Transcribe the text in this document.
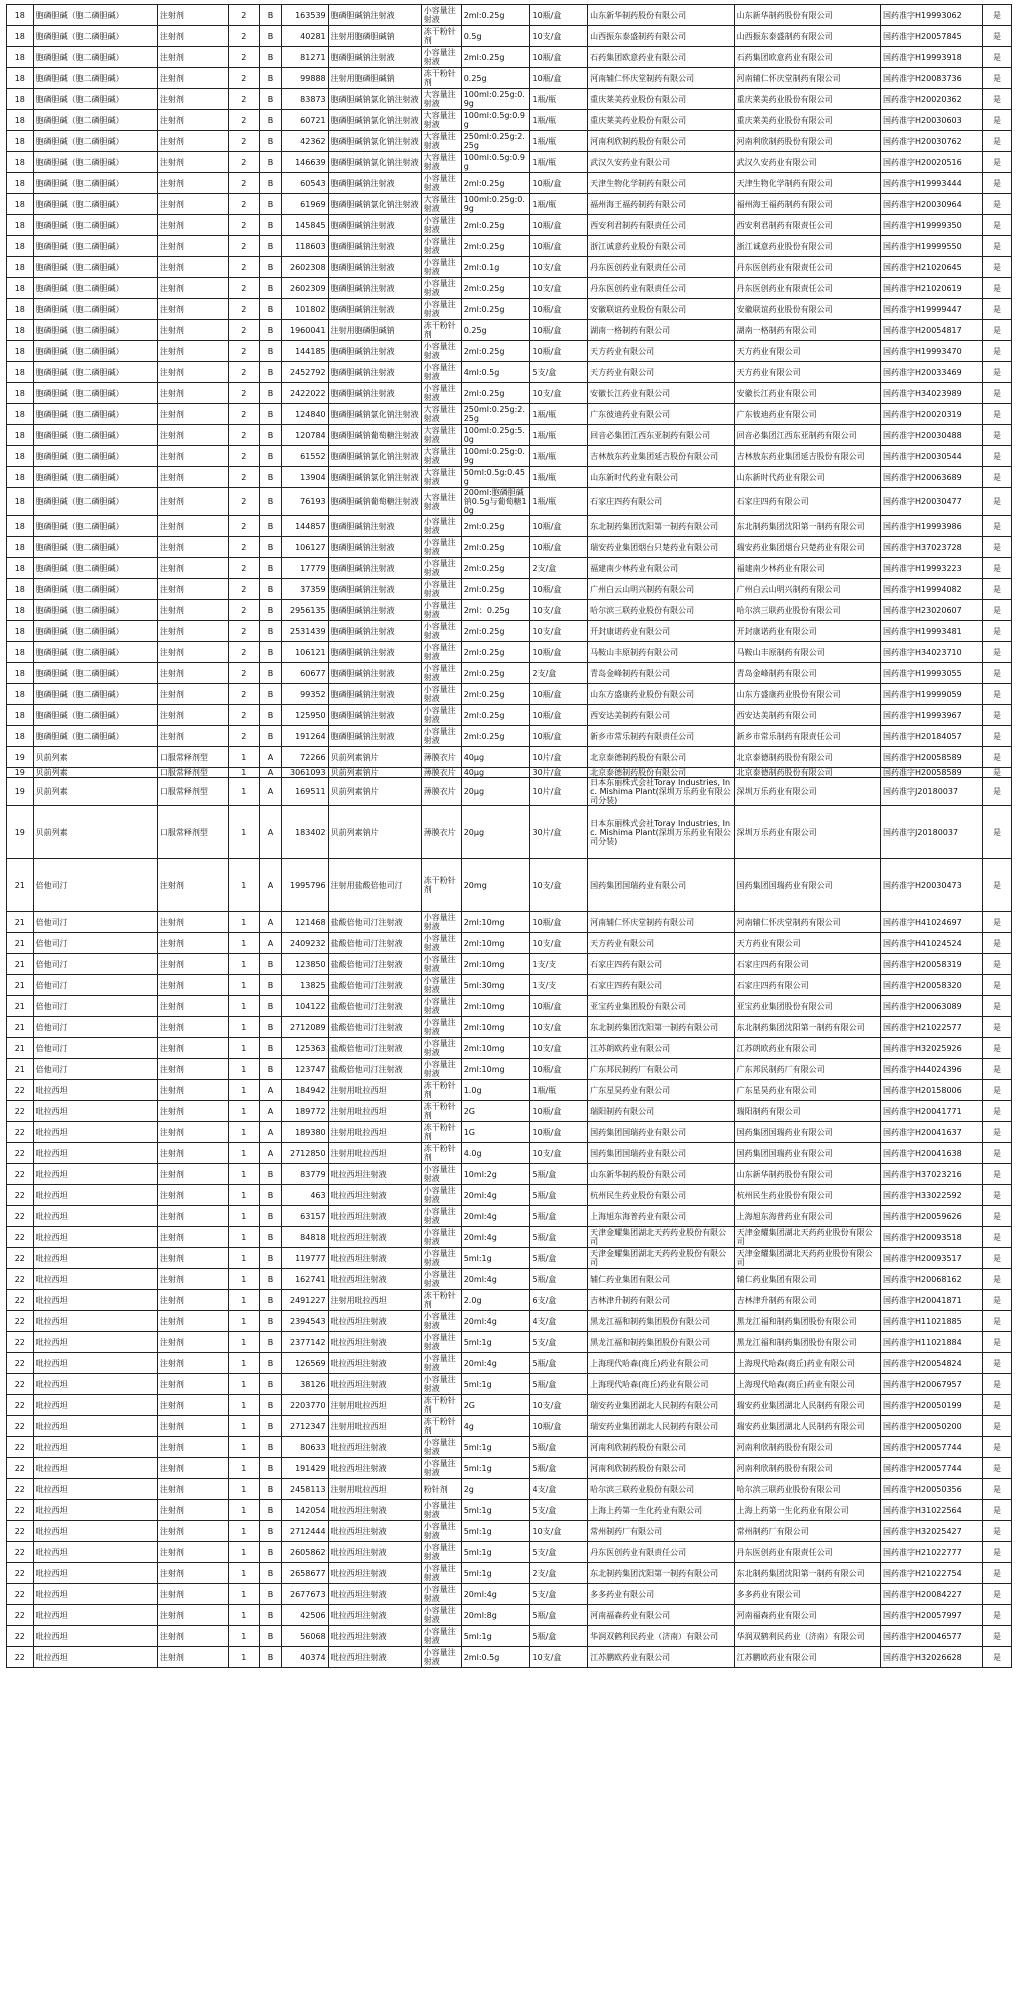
18	胞磷胆碱（胞二磷胆碱）	注射剂	2	B	163539	胞磷胆碱钠注射液	小容量注射液	2ml:0.25g	10瓶/盒	山东新华制药股份有限公司	山东新华制药股份有限公司	国药准字H19993062	是
18	胞磷胆碱（胞二磷胆碱）	注射剂	2	B	40281	注射用胞磷胆碱钠	冻干粉针剂	0.5g	10支/盒	山西振东泰盛制药有限公司	山西振东泰盛制药有限公司	国药准字H20057845	是
18	胞磷胆碱（胞二磷胆碱）	注射剂	2	B	81271	胞磷胆碱钠注射液	小容量注射液	2ml:0.25g	10瓶/盒	石药集团欧意药业有限公司	石药集团欧意药业有限公司	国药准字H19993918	是
18	胞磷胆碱（胞二磷胆碱）	注射剂	2	B	99888	注射用胞磷胆碱钠	冻干粉针剂	0.25g	10瓶/盒	河南辅仁怀庆堂制药有限公司	河南辅仁怀庆堂制药有限公司	国药准字H20083736	是
18	胞磷胆碱（胞二磷胆碱）	注射剂	2	B	83873	胞磷胆碱钠氯化钠注射液	大容量注射液	100ml:0.25g:0.9g	1瓶/瓶	重庆莱美药业股份有限公司	重庆莱美药业股份有限公司	国药准字H20020362	是
18	胞磷胆碱（胞二磷胆碱）	注射剂	2	B	60721	胞磷胆碱钠氯化钠注射液	大容量注射液	100ml:0.5g:0.9g	1瓶/瓶	重庆莱美药业股份有限公司	重庆莱美药业股份有限公司	国药准字H20030603	是
18	胞磷胆碱（胞二磷胆碱）	注射剂	2	B	42362	胞磷胆碱钠氯化钠注射液	大容量注射液	250ml:0.25g:2.25g	1瓶/瓶	河南利欣制药股份有限公司	河南利欣制药股份有限公司	国药准字H20030762	是
18	胞磷胆碱（胞二磷胆碱）	注射剂	2	B	146639	胞磷胆碱钠氯化钠注射液	大容量注射液	100ml:0.5g:0.9g	1瓶/瓶	武汉久安药业有限公司	武汉久安药业有限公司	国药准字H20020516	是
18	胞磷胆碱（胞二磷胆碱）	注射剂	2	B	60543	胞磷胆碱钠注射液	小容量注射液	2ml:0.25g	10瓶/盒	天津生物化学制药有限公司	天津生物化学制药有限公司	国药准字H19993444	是
18	胞磷胆碱（胞二磷胆碱）	注射剂	2	B	61969	胞磷胆碱钠氯化钠注射液	大容量注射液	100ml:0.25g:0.9g	1瓶/瓶	福州海王福药制药有限公司	福州海王福药制药有限公司	国药准字H20030964	是
18	胞磷胆碱（胞二磷胆碱）	注射剂	2	B	145845	胞磷胆碱钠注射液	小容量注射液	2ml:0.25g	10瓶/盒	西安利君制药有限责任公司	西安利君制药有限责任公司	国药准字H19999350	是
18	胞磷胆碱（胞二磷胆碱）	注射剂	2	B	118603	胞磷胆碱钠注射液	小容量注射液	2ml:0.25g	10瓶/盒	浙江诚意药业股份有限公司	浙江诚意药业股份有限公司	国药准字H19999550	是
18	胞磷胆碱（胞二磷胆碱）	注射剂	2	B	2602308	胞磷胆碱钠注射液	小容量注射液	2ml:0.1g	10支/盒	丹东医创药业有限责任公司	丹东医创药业有限责任公司	国药准字H21020645	是
18	胞磷胆碱（胞二磷胆碱）	注射剂	2	B	2602309	胞磷胆碱钠注射液	小容量注射液	2ml:0.25g	10支/盒	丹东医创药业有限责任公司	丹东医创药业有限责任公司	国药准字H21020619	是
18	胞磷胆碱（胞二磷胆碱）	注射剂	2	B	101802	胞磷胆碱钠注射液	小容量注射液	2ml:0.25g	10瓶/盒	安徽联谊药业股份有限公司	安徽联谊药业股份有限公司	国药准字H19999447	是
18	胞磷胆碱（胞二磷胆碱）	注射剂	2	B	1960041	注射用胞磷胆碱钠	冻干粉针剂	0.25g	10瓶/盒	湖南一格制药有限公司	湖南一格制药有限公司	国药准字H20054817	是
18	胞磷胆碱（胞二磷胆碱）	注射剂	2	B	144185	胞磷胆碱钠注射液	小容量注射液	2ml:0.25g	10瓶/盒	天方药业有限公司	天方药业有限公司	国药准字H19993470	是
18	胞磷胆碱（胞二磷胆碱）	注射剂	2	B	2452792	胞磷胆碱钠注射液	小容量注射液	4ml:0.5g	5支/盒	天方药业有限公司	天方药业有限公司	国药准字H20033469	是
18	胞磷胆碱（胞二磷胆碱）	注射剂	2	B	2422022	胞磷胆碱钠注射液	小容量注射液	2ml:0.25g	10支/盒	安徽长江药业有限公司	安徽长江药业有限公司	国药准字H34023989	是
18	胞磷胆碱（胞二磷胆碱）	注射剂	2	B	124840	胞磷胆碱钠氯化钠注射液	大容量注射液	250ml:0.25g:2.25g	1瓶/瓶	广东彼迪药业有限公司	广东彼迪药业有限公司	国药准字H20020319	是
18	胞磷胆碱（胞二磷胆碱）	注射剂	2	B	120784	胞磷胆碱钠葡萄糖注射液	大容量注射液	100ml:0.25g:5.0g	1瓶/瓶	回音必集团江西东亚制药有限公司	回音必集团江西东亚制药有限公司	国药准字H20030488	是
18	胞磷胆碱（胞二磷胆碱）	注射剂	2	B	61552	胞磷胆碱钠氯化钠注射液	大容量注射液	100ml:0.25g:0.9g	1瓶/瓶	吉林敖东药业集团延吉股份有限公司	吉林敖东药业集团延吉股份有限公司	国药准字H20030544	是
18	胞磷胆碱（胞二磷胆碱）	注射剂	2	B	13904	胞磷胆碱钠氯化钠注射液	大容量注射液	50ml:0.5g:0.45g	1瓶/瓶	山东新时代药业有限公司	山东新时代药业有限公司	国药准字H20063689	是
18	胞磷胆碱（胞二磷胆碱）	注射剂	2	B	76193	胞磷胆碱钠葡萄糖注射液	大容量注射液	200ml:胞磷胆碱钠0.5g与葡萄糖10g	1瓶/瓶	石家庄四药有限公司	石家庄四药有限公司	国药准字H20030477	是
18	胞磷胆碱（胞二磷胆碱）	注射剂	2	B	144857	胞磷胆碱钠注射液	小容量注射液	2ml:0.25g	10瓶/盒	东北制药集团沈阳第一制药有限公司	东北制药集团沈阳第一制药有限公司	国药准字H19993986	是
18	胞磷胆碱（胞二磷胆碱）	注射剂	2	B	106127	胞磷胆碱钠注射液	小容量注射液	2ml:0.25g	10瓶/盒	瑞安药业集团烟台只楚药业有限公司	瑞安药业集团烟台只楚药业有限公司	国药准字H37023728	是
18	胞磷胆碱（胞二磷胆碱）	注射剂	2	B	17779	胞磷胆碱钠注射液	小容量注射液	2ml:0.25g	2支/盒	福建南少林药业有限公司	福建南少林药业有限公司	国药准字H19993223	是
18	胞磷胆碱（胞二磷胆碱）	注射剂	2	B	37359	胞磷胆碱钠注射液	小容量注射液	2ml:0.25g	10瓶/盒	广州白云山明兴制药有限公司	广州白云山明兴制药有限公司	国药准字H19994082	是
18	胞磷胆碱（胞二磷胆碱）	注射剂	2	B	2956135	胞磷胆碱钠注射液	小容量注射液	2ml：0.25g	10支/盒	哈尔滨三联药业股份有限公司	哈尔滨三联药业股份有限公司	国药准字H23020607	是
18	胞磷胆碱（胞二磷胆碱）	注射剂	2	B	2531439	胞磷胆碱钠注射液	小容量注射液	2ml:0.25g	10支/盒	开封康诺药业有限公司	开封康诺药业有限公司	国药准字H19993481	是
18	胞磷胆碱（胞二磷胆碱）	注射剂	2	B	106121	胞磷胆碱钠注射液	小容量注射液	2ml:0.25g	10瓶/盒	马鞍山丰原制药有限公司	马鞍山丰原制药有限公司	国药准字H34023710	是
18	胞磷胆碱（胞二磷胆碱）	注射剂	2	B	60677	胞磷胆碱钠注射液	小容量注射液	2ml:0.25g	2支/盒	青岛金峰制药有限公司	青岛金峰制药有限公司	国药准字H19993055	是
18	胞磷胆碱（胞二磷胆碱）	注射剂	2	B	99352	胞磷胆碱钠注射液	小容量注射液	2ml:0.25g	10瓶/盒	山东方盛康药业股份有限公司	山东方盛康药业股份有限公司	国药准字H19999059	是
18	胞磷胆碱（胞二磷胆碱）	注射剂	2	B	125950	胞磷胆碱钠注射液	小容量注射液	2ml:0.25g	10瓶/盒	西安达美制药有限公司	西安达美制药有限公司	国药准字H19993967	是
18	胞磷胆碱（胞二磷胆碱）	注射剂	2	B	191264	胞磷胆碱钠注射液	小容量注射液	2ml:0.25g	10瓶/盒	新乡市常乐制药有限责任公司	新乡市常乐制药有限责任公司	国药准字H20184057	是
19	贝前列素	口服常释剂型	1	A	72266	贝前列素钠片	薄膜衣片	40μg	10片/盒	北京泰德制药股份有限公司	北京泰德制药股份有限公司	国药准字H20058589	是
19	贝前列素	口服常释剂型	1	A	3061093	贝前列素钠片	薄膜衣片	40μg	30片/盒	北京泰德制药股份有限公司	北京泰德制药股份有限公司	国药准字H20058589	是
19	贝前列素	口服常释剂型	1	A	169511	贝前列素钠片	薄膜衣片	20μg	10片/盒	日本东丽株式会社Toray Industries, Inc. Mishima Plant(深圳万乐药业有限公司分装)	深圳万乐药业有限公司	国药准字J20180037	是
19	贝前列素	口服常释剂型	1	A	183402	贝前列素钠片	薄膜衣片	20μg	30片/盒	日本东丽株式会社Toray Industries, Inc. Mishima Plant(深圳万乐药业有限公司分装)	深圳万乐药业有限公司	国药准字J20180037	是
21	倍他司汀	注射剂	1	A	1995796	注射用盐酸倍他司汀	冻干粉针剂	20mg	10支/盒	国药集团国瑞药业有限公司	国药集团国瑞药业有限公司	国药准字H20030473	是
21	倍他司汀	注射剂	1	A	121468	盐酸倍他司汀注射液	小容量注射液	2ml:10mg	10瓶/盒	河南辅仁怀庆堂制药有限公司	河南辅仁怀庆堂制药有限公司	国药准字H41024697	是
21	倍他司汀	注射剂	1	A	2409232	盐酸倍他司汀注射液	小容量注射液	2ml:10mg	10支/盒	天方药业有限公司	天方药业有限公司	国药准字H41024524	是
21	倍他司汀	注射剂	1	B	123850	盐酸倍他司汀注射液	小容量注射液	2ml:10mg	1支/支	石家庄四药有限公司	石家庄四药有限公司	国药准字H20058319	是
21	倍他司汀	注射剂	1	B	13825	盐酸倍他司汀注射液	小容量注射液	5ml:30mg	1支/支	石家庄四药有限公司	石家庄四药有限公司	国药准字H20058320	是
21	倍他司汀	注射剂	1	B	104122	盐酸倍他司汀注射液	小容量注射液	2ml:10mg	10瓶/盒	亚宝药业集团股份有限公司	亚宝药业集团股份有限公司	国药准字H20063089	是
21	倍他司汀	注射剂	1	B	2712089	盐酸倍他司汀注射液	小容量注射液	2ml:10mg	10支/盒	东北制药集团沈阳第一制药有限公司	东北制药集团沈阳第一制药有限公司	国药准字H21022577	是
21	倍他司汀	注射剂	1	B	125363	盐酸倍他司汀注射液	小容量注射液	2ml:10mg	10支/盒	江苏朗欧药业有限公司	江苏朗欧药业有限公司	国药准字H32025926	是
21	倍他司汀	注射剂	1	B	123747	盐酸倍他司汀注射液	小容量注射液	2ml:10mg	10瓶/盒	广东邦民制药厂有限公司	广东邦民制药厂有限公司	国药准字H44024396	是
22	吡拉西坦	注射剂	1	A	184942	注射用吡拉西坦	冻干粉针剂	1.0g	1瓶/瓶	广东星昊药业有限公司	广东星昊药业有限公司	国药准字H20158006	是
22	吡拉西坦	注射剂	1	A	189772	注射用吡拉西坦	冻干粉针剂	2G	10瓶/盒	瑞阳制药有限公司	瑞阳制药有限公司	国药准字H20041771	是
22	吡拉西坦	注射剂	1	A	189380	注射用吡拉西坦	冻干粉针剂	1G	10瓶/盒	国药集团国瑞药业有限公司	国药集团国瑞药业有限公司	国药准字H20041637	是
22	吡拉西坦	注射剂	1	A	2712850	注射用吡拉西坦	冻干粉针剂	4.0g	10支/盒	国药集团国瑞药业有限公司	国药集团国瑞药业有限公司	国药准字H20041638	是
22	吡拉西坦	注射剂	1	B	83779	吡拉西坦注射液	小容量注射液	10ml:2g	5瓶/盒	山东新华制药股份有限公司	山东新华制药股份有限公司	国药准字H37023216	是
22	吡拉西坦	注射剂	1	B	463	吡拉西坦注射液	小容量注射液	20ml:4g	5瓶/盒	杭州民生药业股份有限公司	杭州民生药业股份有限公司	国药准字H33022592	是
22	吡拉西坦	注射剂	1	B	63157	吡拉西坦注射液	小容量注射液	20ml:4g	5瓶/盒	上海旭东海普药业有限公司	上海旭东海普药业有限公司	国药准字H20059626	是
22	吡拉西坦	注射剂	1	B	84818	吡拉西坦注射液	小容量注射液	20ml:4g	5瓶/盒	天津金耀集团湖北天药药业股份有限公司	天津金耀集团湖北天药药业股份有限公司	国药准字H20093518	是
22	吡拉西坦	注射剂	1	B	119777	吡拉西坦注射液	小容量注射液	5ml:1g	5瓶/盒	天津金耀集团湖北天药药业股份有限公司	天津金耀集团湖北天药药业股份有限公司	国药准字H20093517	是
22	吡拉西坦	注射剂	1	B	162741	吡拉西坦注射液	小容量注射液	20ml:4g	5瓶/盒	辅仁药业集团有限公司	辅仁药业集团有限公司	国药准字H20068162	是
22	吡拉西坦	注射剂	1	B	2491227	注射用吡拉西坦	冻干粉针剂	2.0g	6支/盒	吉林津升制药有限公司	吉林津升制药有限公司	国药准字H20041871	是
22	吡拉西坦	注射剂	1	B	2394543	吡拉西坦注射液	小容量注射液	20ml:4g	4支/盒	黑龙江福和制药集团股份有限公司	黑龙江福和制药集团股份有限公司	国药准字H11021885	是
22	吡拉西坦	注射剂	1	B	2377142	吡拉西坦注射液	小容量注射液	5ml:1g	5支/盒	黑龙江福和制药集团股份有限公司	黑龙江福和制药集团股份有限公司	国药准字H11021884	是
22	吡拉西坦	注射剂	1	B	126569	吡拉西坦注射液	小容量注射液	20ml:4g	5瓶/盒	上海现代哈森(商丘)药业有限公司	上海现代哈森(商丘)药业有限公司	国药准字H20054824	是
22	吡拉西坦	注射剂	1	B	38126	吡拉西坦注射液	小容量注射液	5ml:1g	5瓶/盒	上海现代哈森(商丘)药业有限公司	上海现代哈森(商丘)药业有限公司	国药准字H20067957	是
22	吡拉西坦	注射剂	1	B	2203770	注射用吡拉西坦	冻干粉针剂	2G	10支/盒	瑞安药业集团湖北人民制药有限公司	瑞安药业集团湖北人民制药有限公司	国药准字H20050199	是
22	吡拉西坦	注射剂	1	B	2712347	注射用吡拉西坦	冻干粉针剂	4g	10瓶/盒	瑞安药业集团湖北人民制药有限公司	瑞安药业集团湖北人民制药有限公司	国药准字H20050200	是
22	吡拉西坦	注射剂	1	B	80633	吡拉西坦注射液	小容量注射液	5ml:1g	5瓶/盒	河南利欣制药股份有限公司	河南利欣制药股份有限公司	国药准字H20057744	是
22	吡拉西坦	注射剂	1	B	191429	吡拉西坦注射液	小容量注射液	5ml:1g	5瓶/盒	河南利欣制药股份有限公司	河南利欣制药股份有限公司	国药准字H20057744	是
22	吡拉西坦	注射剂	1	B	2458113	注射用吡拉西坦	粉针剂	2g	4支/盒	哈尔滨三联药业股份有限公司	哈尔滨三联药业股份有限公司	国药准字H20050356	是
22	吡拉西坦	注射剂	1	B	142054	吡拉西坦注射液	小容量注射液	5ml:1g	5支/盒	上海上药第一生化药业有限公司	上海上药第一生化药业有限公司	国药准字H31022564	是
22	吡拉西坦	注射剂	1	B	2712444	吡拉西坦注射液	小容量注射液	5ml:1g	10支/盒	常州制药厂有限公司	常州制药厂有限公司	国药准字H32025427	是
22	吡拉西坦	注射剂	1	B	2605862	吡拉西坦注射液	小容量注射液	5ml:1g	5支/盒	丹东医创药业有限责任公司	丹东医创药业有限责任公司	国药准字H21022777	是
22	吡拉西坦	注射剂	1	B	2658677	吡拉西坦注射液	小容量注射液	5ml:1g	2支/盒	东北制药集团沈阳第一制药有限公司	东北制药集团沈阳第一制药有限公司	国药准字H21022754	是
22	吡拉西坦	注射剂	1	B	2677673	吡拉西坦注射液	小容量注射液	20ml:4g	5支/盒	多多药业有限公司	多多药业有限公司	国药准字H20084227	是
22	吡拉西坦	注射剂	1	B	42506	吡拉西坦注射液	小容量注射液	20ml:8g	5瓶/盒	河南福森药业有限公司	河南福森药业有限公司	国药准字H20057997	是
22	吡拉西坦	注射剂	1	B	56068	吡拉西坦注射液	小容量注射液	5ml:1g	5瓶/盒	华润双鹤利民药业（济南）有限公司	华润双鹤利民药业（济南）有限公司	国药准字H20046577	是
22	吡拉西坦	注射剂	1	B	40374	吡拉西坦注射液	小容量注射液	2ml:0.5g	10支/盒	江苏鹏欧药业有限公司	江苏鹏欧药业有限公司	国药准字H32026628	是
